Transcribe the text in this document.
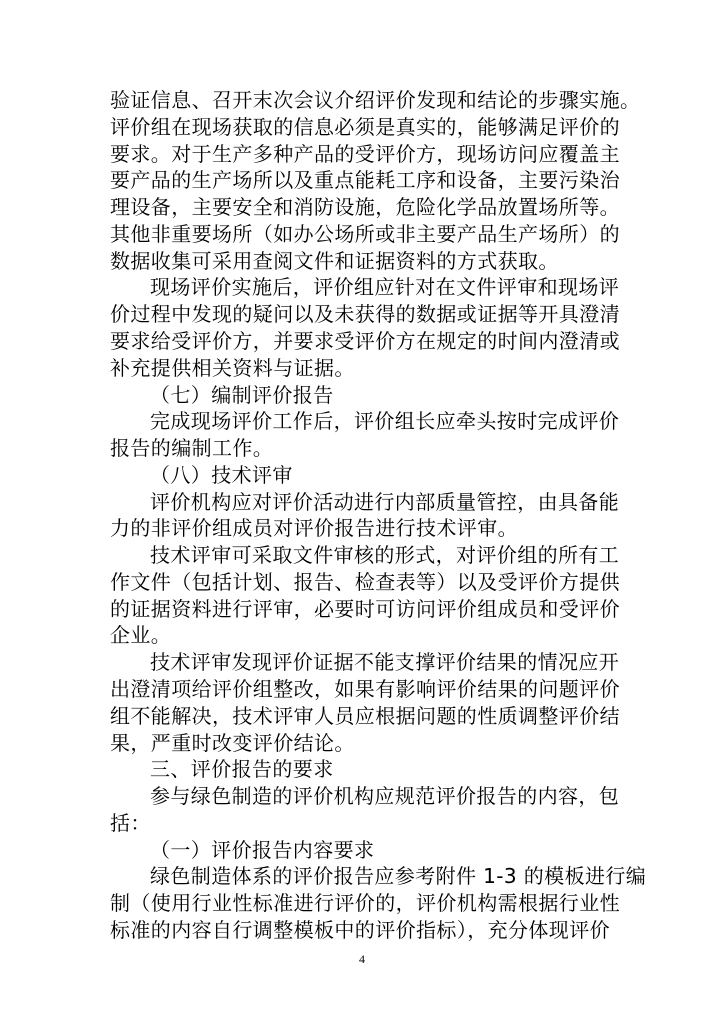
验证信息、召开末次会议介绍评价发现和结论的步骤实施。
评价组在现场获取的信息必须是真实的，能够满足评价的
要求。对于生产多种产品的受评价方，现场访问应覆盖主
要产品的生产场所以及重点能耗工序和设备，主要污染治
理设备，主要安全和消防设施，危险化学品放置场所等。
其他非重要场所（如办公场所或非主要产品生产场所）的
数据收集可采用查阅文件和证据资料的方式获取。
现场评价实施后，评价组应针对在文件评审和现场评
价过程中发现的疑问以及未获得的数据或证据等开具澄清
要求给受评价方，并要求受评价方在规定的时间内澄清或
补充提供相关资料与证据。
（七）编制评价报告
完成现场评价工作后，评价组长应牵头按时完成评价
报告的编制工作。
（八）技术评审
评价机构应对评价活动进行内部质量管控，由具备能
力的非评价组成员对评价报告进行技术评审。
技术评审可采取文件审核的形式，对评价组的所有工
作文件（包括计划、报告、检查表等）以及受评价方提供
的证据资料进行评审，必要时可访问评价组成员和受评价
企业。
技术评审发现评价证据不能支撑评价结果的情况应开
出澄清项给评价组整改，如果有影响评价结果的问题评价
组不能解决，技术评审人员应根据问题的性质调整评价结
果，严重时改变评价结论。
三、评价报告的要求
参与绿色制造的评价机构应规范评价报告的内容，包
括：
（一）评价报告内容要求
绿色制造体系的评价报告应参考附件 1-3 的模板进行编
制（使用行业性标准进行评价的，评价机构需根据行业性
标准的内容自行调整模板中的评价指标），充分体现评价
4
